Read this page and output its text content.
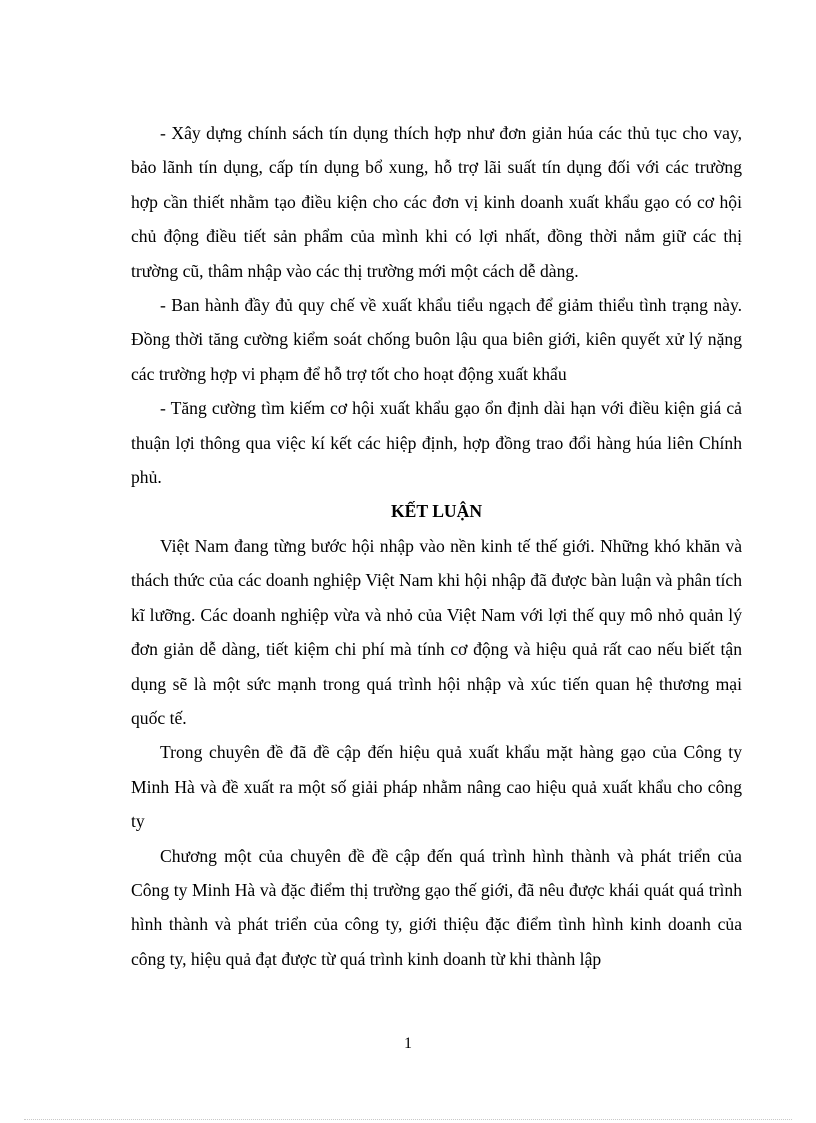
- Xây dựng chính sách tín dụng thích hợp như đơn giản húa các thủ tục cho vay, bảo lãnh tín dụng, cấp tín dụng bổ xung, hỗ trợ lãi suất tín dụng đối với các trường hợp cần thiết nhằm tạo điều kiện cho các đơn vị kinh doanh xuất khẩu gạo có cơ hội chủ động điều tiết sản phẩm của mình khi có lợi nhất, đồng thời nắm giữ các thị trường cũ, thâm nhập vào các thị trường mới một cách dễ dàng.

- Ban hành đầy đủ quy chế về xuất khẩu tiểu ngạch để giảm thiểu tình trạng này. Đồng thời tăng cường kiểm soát chống buôn lậu qua biên giới, kiên quyết xử lý nặng các trường hợp vi phạm để hỗ trợ tốt cho hoạt động xuất khẩu

- Tăng cường tìm kiếm cơ hội xuất khẩu gạo ổn định dài hạn với điều kiện giá cả thuận lợi thông qua việc kí kết các hiệp định, hợp đồng trao đổi hàng húa liên Chính phủ.

KẾT LUẬN

Việt Nam đang từng bước hội nhập vào nền kinh tế thế giới. Những khó khăn và thách thức của các doanh nghiệp Việt Nam khi hội nhập đã được bàn luận và phân tích kĩ lưỡng. Các doanh nghiệp vừa và nhỏ của Việt Nam với lợi thế quy mô nhỏ quản lý đơn giản dễ dàng, tiết kiệm chi phí mà tính cơ động và hiệu quả rất cao nếu biết tận dụng sẽ là một sức mạnh trong quá trình hội nhập và xúc tiến quan hệ thương mại quốc tế.

Trong chuyên đề đã đề cập đến hiệu quả xuất khẩu mặt hàng gạo của Công ty Minh Hà và đề xuất ra một số giải pháp nhằm nâng cao hiệu quả xuất khẩu cho công ty

Chương một của chuyên đề đề cập đến quá trình hình thành và phát triển của Công ty Minh Hà và đặc điểm thị trường gạo thế giới, đã nêu được khái quát quá trình hình thành và phát triển của công ty, giới thiệu đặc điểm tình hình kinh doanh của công ty, hiệu quả đạt được từ quá trình kinh doanh từ khi thành lập

1
